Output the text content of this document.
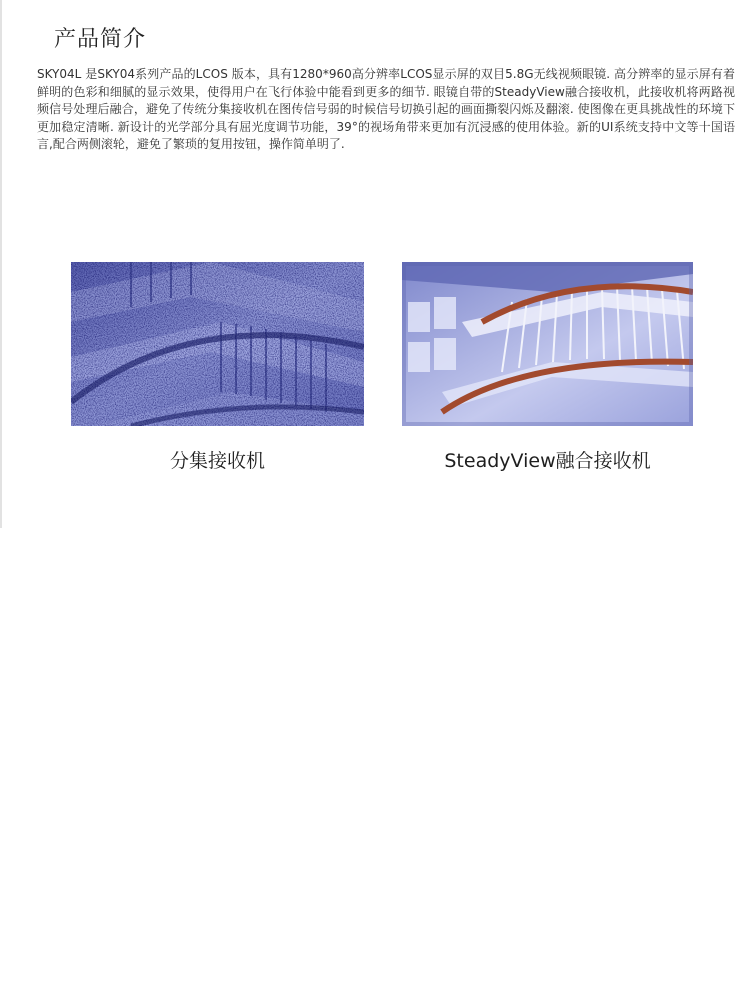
产品简介

SKY04L 是SKY04系列产品的LCOS 版本，具有1280*960高分辨率LCOS显示屏的双目5.8G无线视频眼镜. 高分辨率的显示屏有着鲜明的色彩和细腻的显示效果，使得用户在飞行体验中能看到更多的细节. 眼镜自带的SteadyView融合接收机，此接收机将两路视频信号处理后融合，避免了传统分集接收机在图传信号弱的时候信号切换引起的画面撕裂闪烁及翻滚. 使图像在更具挑战性的环境下更加稳定清晰. 新设计的光学部分具有屈光度调节功能，39°的视场角带来更加有沉浸感的使用体验。新的UI系统支持中文等十国语言,配合两侧滚轮，避免了繁琐的复用按钮，操作简单明了.

分集接收机	SteadyView融合接收机
